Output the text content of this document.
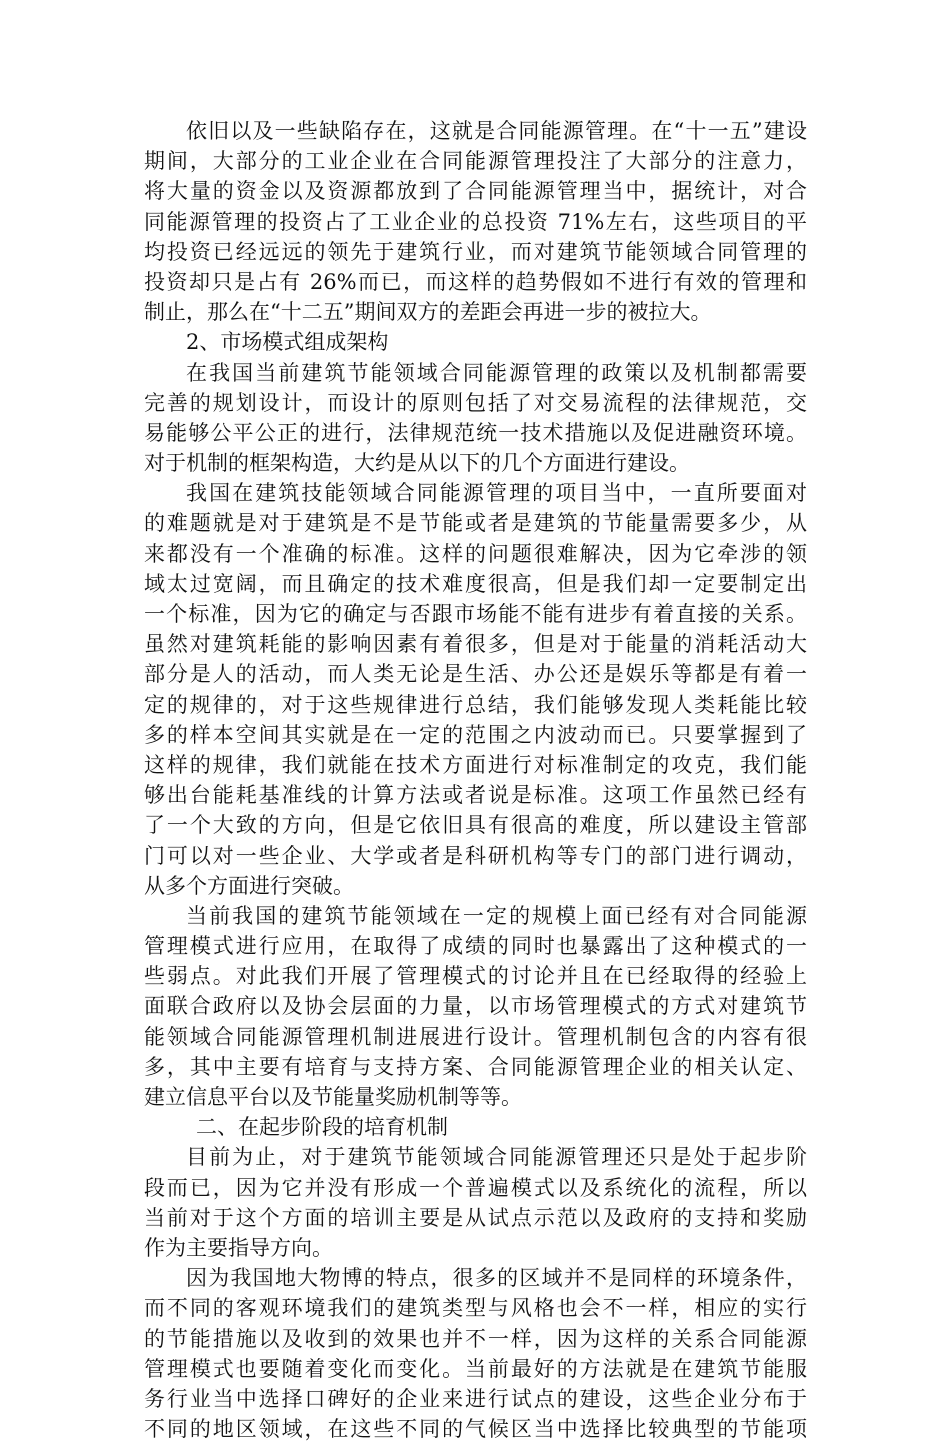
依旧以及一些缺陷存在，这就是合同能源管理。在“十一五”建设
期间，大部分的工业企业在合同能源管理投注了大部分的注意力，
将大量的资金以及资源都放到了合同能源管理当中，据统计，对合
同能源管理的投资占了工业企业的总投资 71%左右，这些项目的平
均投资已经远远的领先于建筑行业，而对建筑节能领域合同管理的
投资却只是占有 26%而已，而这样的趋势假如不进行有效的管理和
制止，那么在“十二五”期间双方的差距会再进一步的被拉大。
2、市场模式组成架构
在我国当前建筑节能领域合同能源管理的政策以及机制都需要
完善的规划设计，而设计的原则包括了对交易流程的法律规范，交
易能够公平公正的进行，法律规范统一技术措施以及促进融资环境。
对于机制的框架构造，大约是从以下的几个方面进行建设。
我国在建筑技能领域合同能源管理的项目当中，一直所要面对
的难题就是对于建筑是不是节能或者是建筑的节能量需要多少，从
来都没有一个准确的标准。这样的问题很难解决，因为它牵涉的领
域太过宽阔，而且确定的技术难度很高，但是我们却一定要制定出
一个标准，因为它的确定与否跟市场能不能有进步有着直接的关系。
虽然对建筑耗能的影响因素有着很多，但是对于能量的消耗活动大
部分是人的活动，而人类无论是生活、办公还是娱乐等都是有着一
定的规律的，对于这些规律进行总结，我们能够发现人类耗能比较
多的样本空间其实就是在一定的范围之内波动而已。只要掌握到了
这样的规律，我们就能在技术方面进行对标准制定的攻克，我们能
够出台能耗基准线的计算方法或者说是标准。这项工作虽然已经有
了一个大致的方向，但是它依旧具有很高的难度，所以建设主管部
门可以对一些企业、大学或者是科研机构等专门的部门进行调动，
从多个方面进行突破。
当前我国的建筑节能领域在一定的规模上面已经有对合同能源
管理模式进行应用，在取得了成绩的同时也暴露出了这种模式的一
些弱点。对此我们开展了管理模式的讨论并且在已经取得的经验上
面联合政府以及协会层面的力量，以市场管理模式的方式对建筑节
能领域合同能源管理机制进展进行设计。管理机制包含的内容有很
多，其中主要有培育与支持方案、合同能源管理企业的相关认定、
建立信息平台以及节能量奖励机制等等。
二、在起步阶段的培育机制
目前为止，对于建筑节能领域合同能源管理还只是处于起步阶
段而已，因为它并没有形成一个普遍模式以及系统化的流程，所以
当前对于这个方面的培训主要是从试点示范以及政府的支持和奖励
作为主要指导方向。
因为我国地大物博的特点，很多的区域并不是同样的环境条件，
而不同的客观环境我们的建筑类型与风格也会不一样，相应的实行
的节能措施以及收到的效果也并不一样，因为这样的关系合同能源
管理模式也要随着变化而变化。当前最好的方法就是在建筑节能服
务行业当中选择口碑好的企业来进行试点的建设，这些企业分布于
不同的地区领域，在这些不同的气候区当中选择比较典型的节能项
